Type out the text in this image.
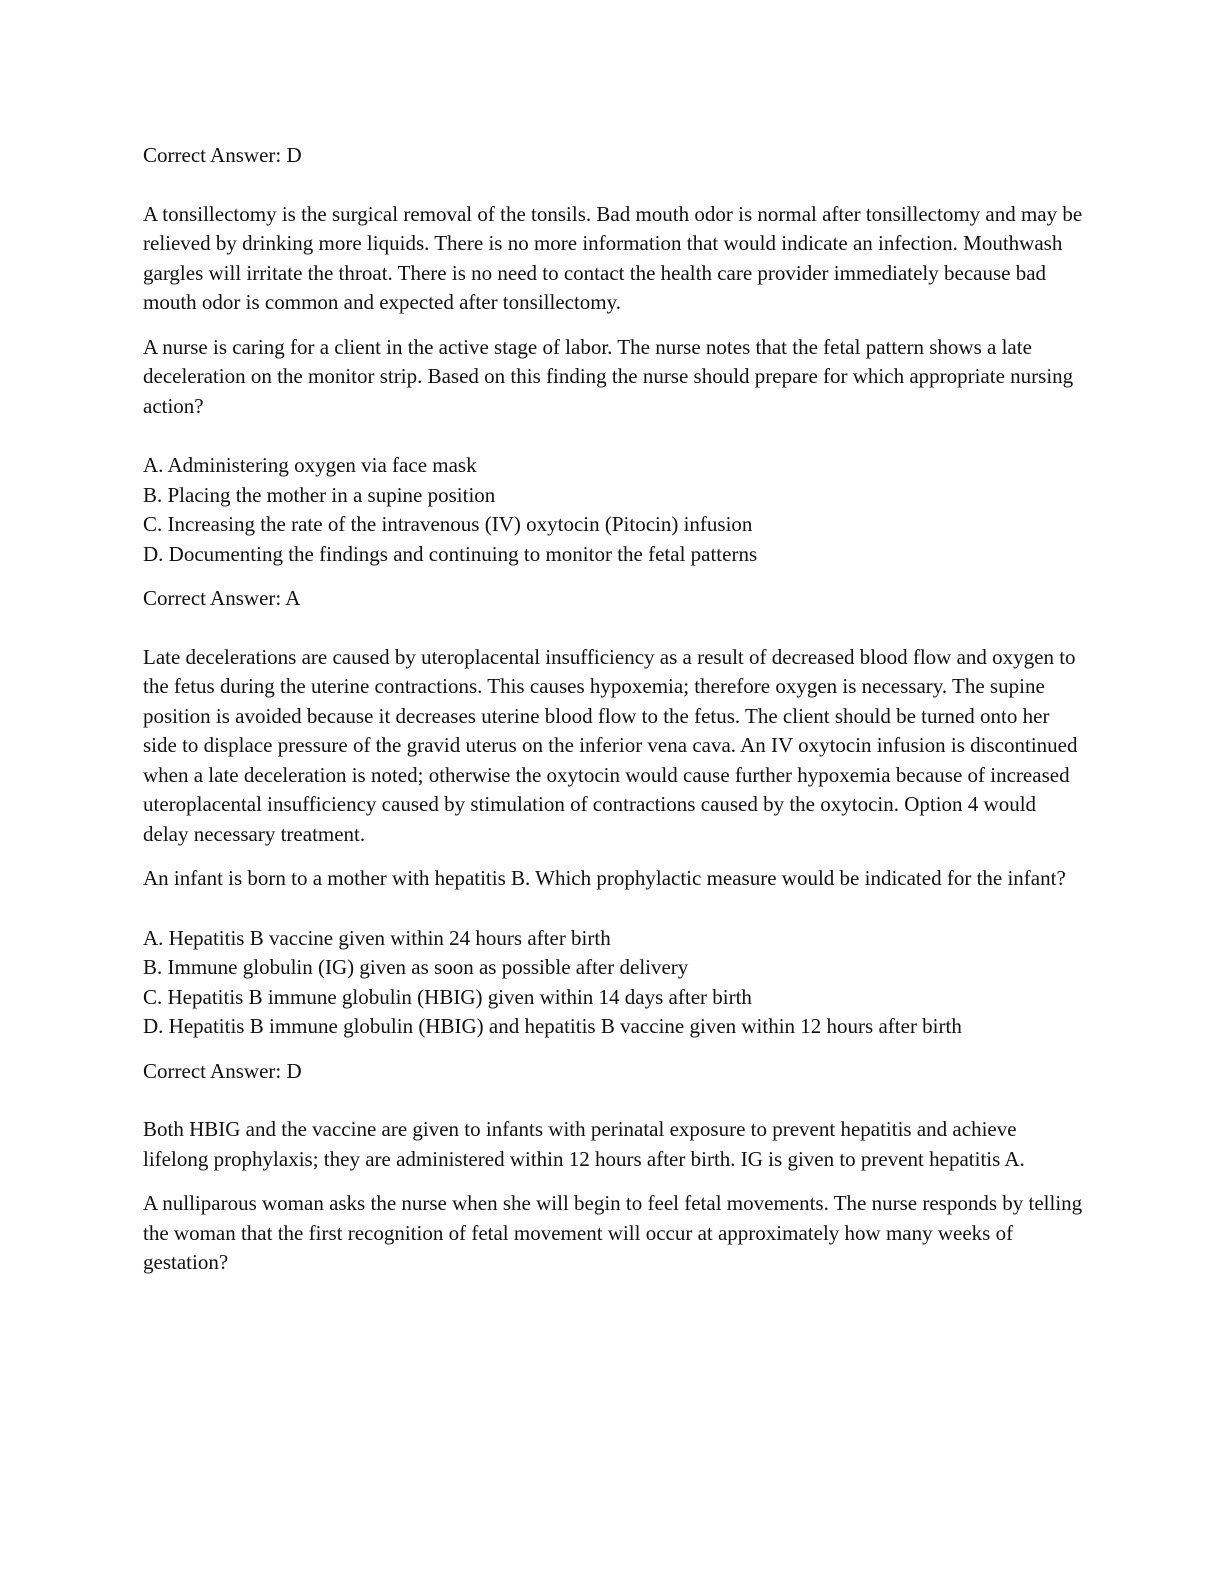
Correct Answer: D

A tonsillectomy is the surgical removal of the tonsils. Bad mouth odor is normal after tonsillectomy and may be relieved by drinking more liquids. There is no more information that would indicate an infection. Mouthwash gargles will irritate the throat. There is no need to contact the health care provider immediately because bad mouth odor is common and expected after tonsillectomy.

A nurse is caring for a client in the active stage of labor. The nurse notes that the fetal pattern shows a late deceleration on the monitor strip. Based on this finding the nurse should prepare for which appropriate nursing action?

A. Administering oxygen via face mask
B. Placing the mother in a supine position
C. Increasing the rate of the intravenous (IV) oxytocin (Pitocin) infusion
D. Documenting the findings and continuing to monitor the fetal patterns

Correct Answer: A

Late decelerations are caused by uteroplacental insufficiency as a result of decreased blood flow and oxygen to the fetus during the uterine contractions. This causes hypoxemia; therefore oxygen is necessary. The supine position is avoided because it decreases uterine blood flow to the fetus. The client should be turned onto her side to displace pressure of the gravid uterus on the inferior vena cava. An IV oxytocin infusion is discontinued when a late deceleration is noted; otherwise the oxytocin would cause further hypoxemia because of increased uteroplacental insufficiency caused by stimulation of contractions caused by the oxytocin. Option 4 would delay necessary treatment.

An infant is born to a mother with hepatitis B. Which prophylactic measure would be indicated for the infant?

A. Hepatitis B vaccine given within 24 hours after birth
B. Immune globulin (IG) given as soon as possible after delivery
C. Hepatitis B immune globulin (HBIG) given within 14 days after birth
D. Hepatitis B immune globulin (HBIG) and hepatitis B vaccine given within 12 hours after birth

Correct Answer: D

Both HBIG and the vaccine are given to infants with perinatal exposure to prevent hepatitis and achieve lifelong prophylaxis; they are administered within 12 hours after birth. IG is given to prevent hepatitis A.

A nulliparous woman asks the nurse when she will begin to feel fetal movements. The nurse responds by telling the woman that the first recognition of fetal movement will occur at approximately how many weeks of gestation?
